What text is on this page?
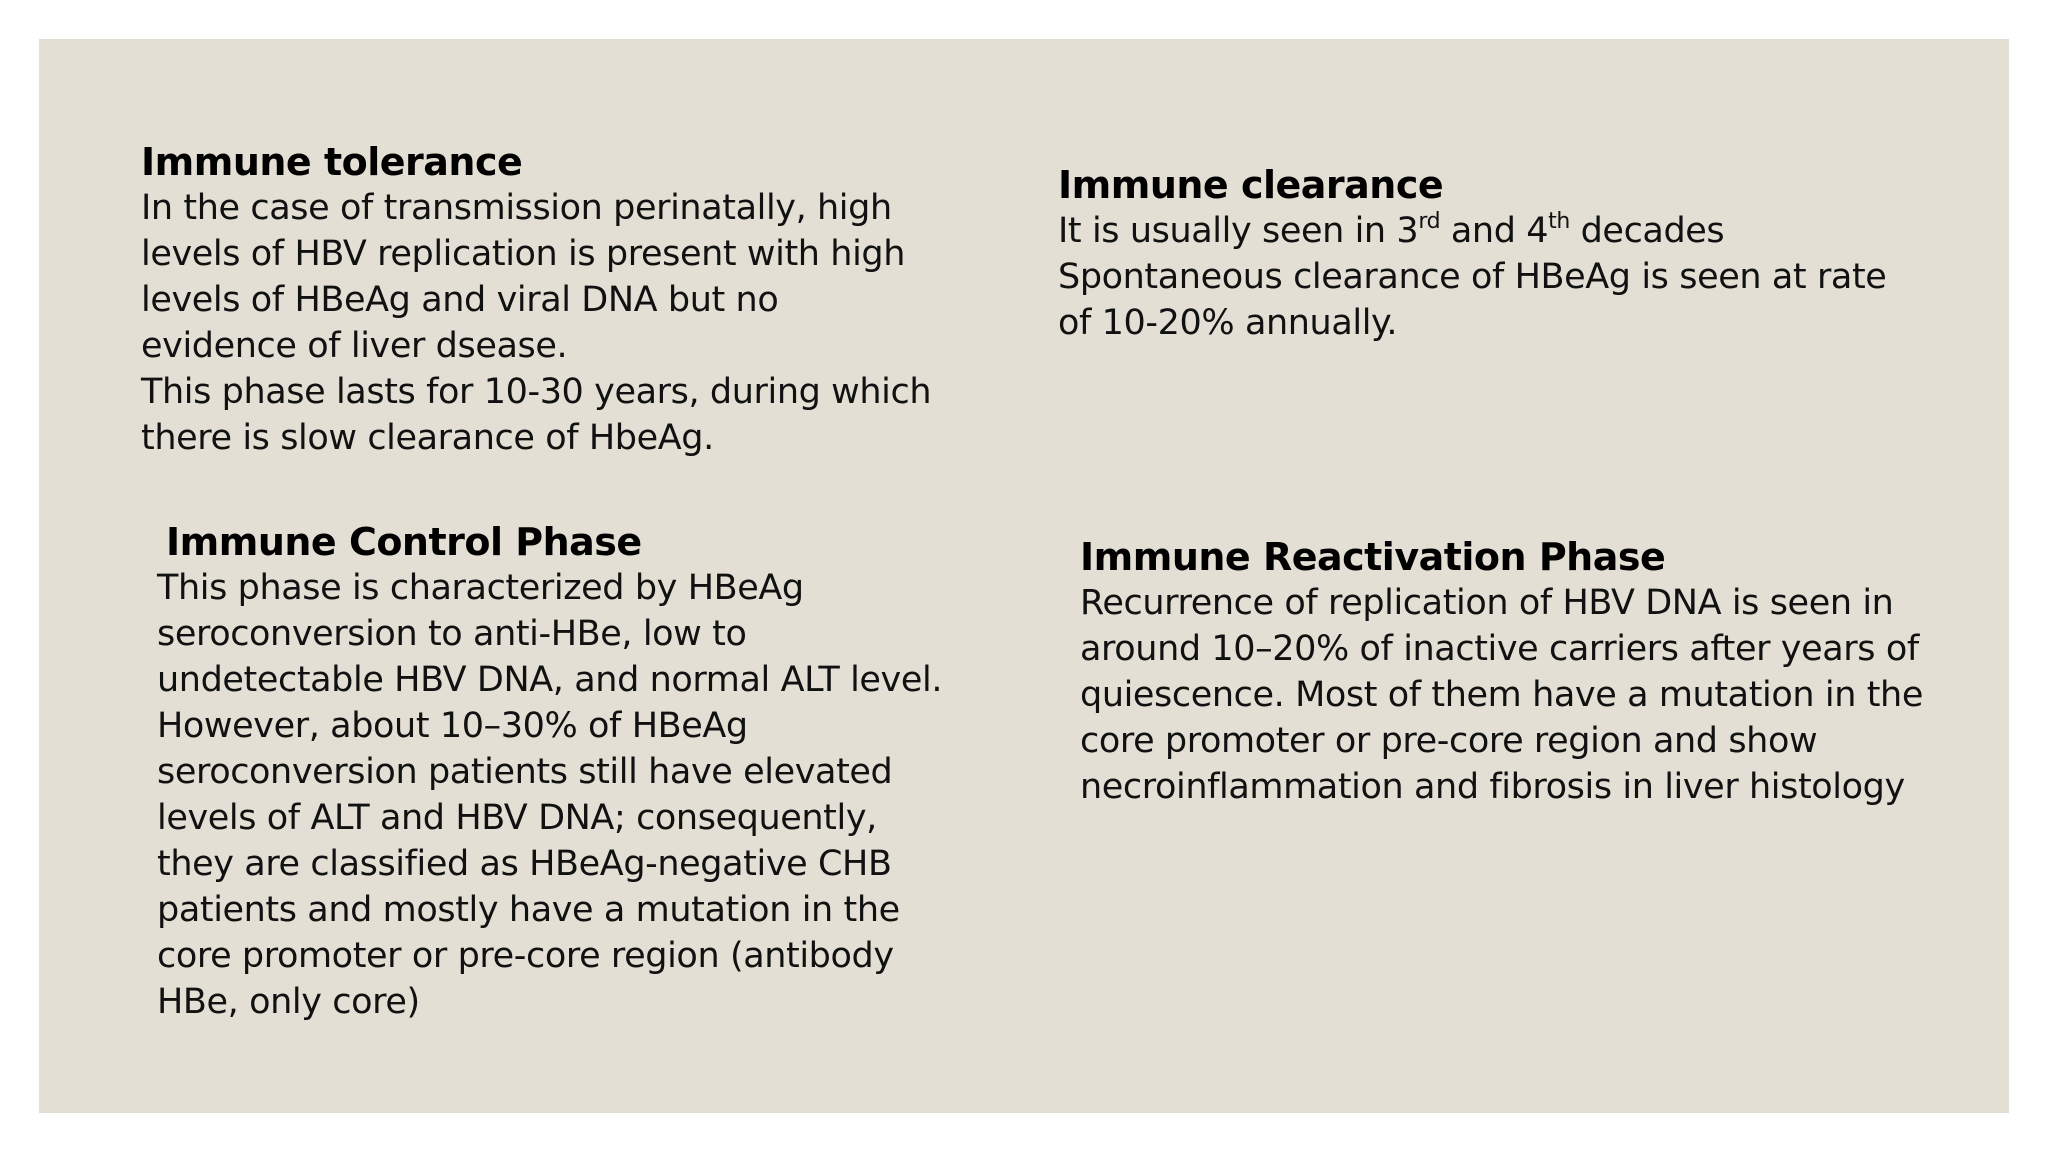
Immune tolerance
In the case of transmission perinatally, high
levels of HBV replication is present with high
levels of HBeAg and viral DNA but no
evidence of liver dsease.
This phase lasts for 10-30 years, during which
there is slow clearance of HbeAg.
Immune clearance
It is usually seen in 3rd and 4th decades
Spontaneous clearance of HBeAg is seen at rate
of 10-20% annually.
Immune Control Phase
This phase is characterized by HBeAg
seroconversion to anti-HBe, low to
undetectable HBV DNA, and normal ALT level.
However, about 10–30% of HBeAg
seroconversion patients still have elevated
levels of ALT and HBV DNA; consequently,
they are classified as HBeAg-negative CHB
patients and mostly have a mutation in the
core promoter or pre-core region (antibody
HBe, only core)
Immune Reactivation Phase
Recurrence of replication of HBV DNA is seen in
around 10–20% of inactive carriers after years of
quiescence. Most of them have a mutation in the
core promoter or pre-core region and show
necroinflammation and fibrosis in liver histology
